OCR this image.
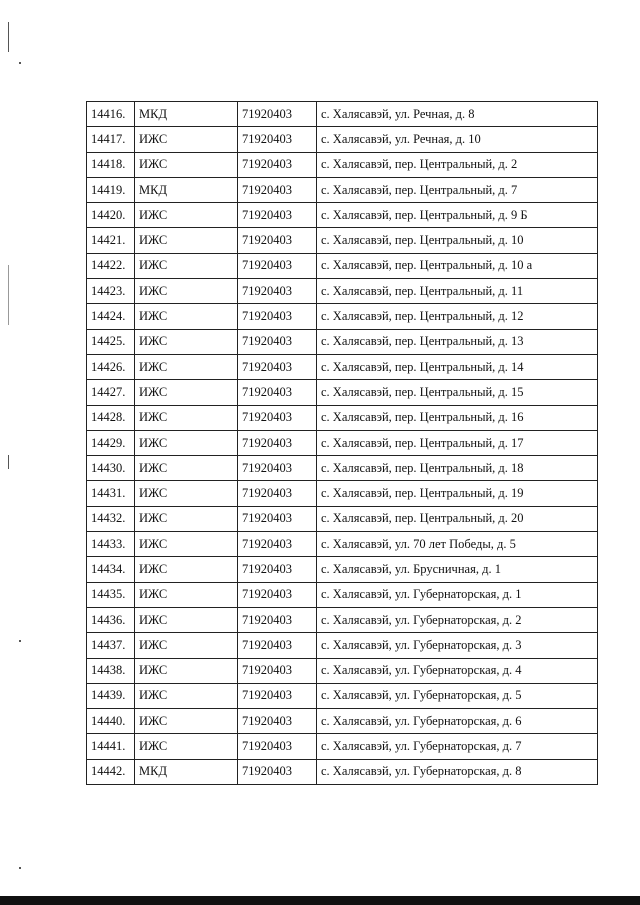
14416.	МКД	71920403	с. Халясавэй, ул. Речная, д. 8
14417.	ИЖС	71920403	с. Халясавэй, ул. Речная, д. 10
14418.	ИЖС	71920403	с. Халясавэй, пер. Центральный, д. 2
14419.	МКД	71920403	с. Халясавэй, пер. Центральный, д. 7
14420.	ИЖС	71920403	с. Халясавэй, пер. Центральный, д. 9 Б
14421.	ИЖС	71920403	с. Халясавэй, пер. Центральный, д. 10
14422.	ИЖС	71920403	с. Халясавэй, пер. Центральный, д. 10 а
14423.	ИЖС	71920403	с. Халясавэй, пер. Центральный, д. 11
14424.	ИЖС	71920403	с. Халясавэй, пер. Центральный, д. 12
14425.	ИЖС	71920403	с. Халясавэй, пер. Центральный, д. 13
14426.	ИЖС	71920403	с. Халясавэй, пер. Центральный, д. 14
14427.	ИЖС	71920403	с. Халясавэй, пер. Центральный, д. 15
14428.	ИЖС	71920403	с. Халясавэй, пер. Центральный, д. 16
14429.	ИЖС	71920403	с. Халясавэй, пер. Центральный, д. 17
14430.	ИЖС	71920403	с. Халясавэй, пер. Центральный, д. 18
14431.	ИЖС	71920403	с. Халясавэй, пер. Центральный, д. 19
14432.	ИЖС	71920403	с. Халясавэй, пер. Центральный, д. 20
14433.	ИЖС	71920403	с. Халясавэй, ул. 70 лет Победы, д. 5
14434.	ИЖС	71920403	с. Халясавэй, ул. Брусничная, д. 1
14435.	ИЖС	71920403	с. Халясавэй, ул. Губернаторская, д. 1
14436.	ИЖС	71920403	с. Халясавэй, ул. Губернаторская, д. 2
14437.	ИЖС	71920403	с. Халясавэй, ул. Губернаторская, д. 3
14438.	ИЖС	71920403	с. Халясавэй, ул. Губернаторская, д. 4
14439.	ИЖС	71920403	с. Халясавэй, ул. Губернаторская, д. 5
14440.	ИЖС	71920403	с. Халясавэй, ул. Губернаторская, д. 6
14441.	ИЖС	71920403	с. Халясавэй, ул. Губернаторская, д. 7
14442.	МКД	71920403	с. Халясавэй, ул. Губернаторская, д. 8
